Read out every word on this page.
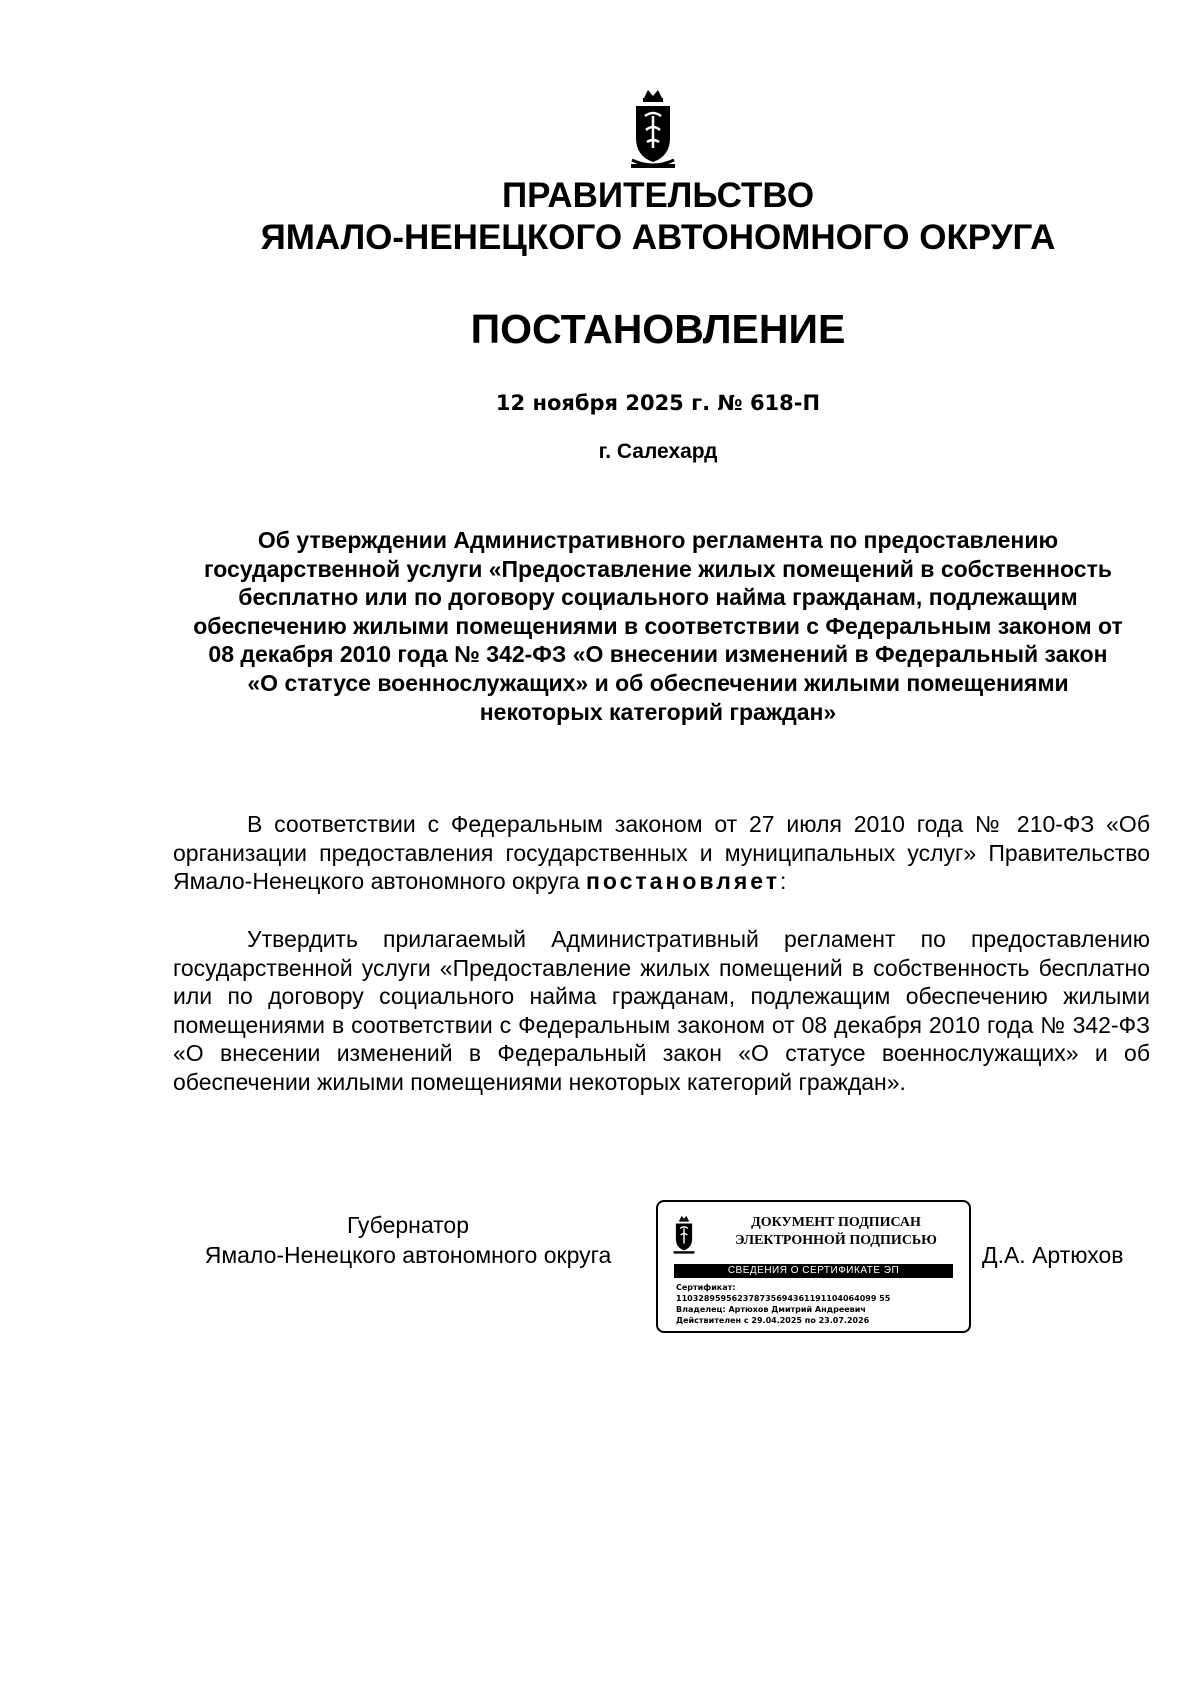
ПРАВИТЕЛЬСТВО
ЯМАЛО-НЕНЕЦКОГО АВТОНОМНОГО ОКРУГА
ПОСТАНОВЛЕНИЕ
12 ноября 2025 г. № 618-П
г. Салехард

Об утверждении Административного регламента по предоставлению государственной услуги «Предоставление жилых помещений в собственность бесплатно или по договору социального найма гражданам, подлежащим обеспечению жилыми помещениями в соответствии с Федеральным законом от 08 декабря 2010 года № 342-ФЗ «О внесении изменений в Федеральный закон «О статусе военнослужащих» и об обеспечении жилыми помещениями некоторых категорий граждан»

В соответствии с Федеральным законом от 27 июля 2010 года № 210-ФЗ «Об организации предоставления государственных и муниципальных услуг» Правительство Ямало-Ненецкого автономного округа постановляет:

Утвердить прилагаемый Административный регламент по предоставлению государственной услуги «Предоставление жилых помещений в собственность бесплатно или по договору социального найма гражданам, подлежащим обеспечению жилыми помещениями в соответствии с Федеральным законом от 08 декабря 2010 года № 342-ФЗ «О внесении изменений в Федеральный закон «О статусе военнослужащих» и об обеспечении жилыми помещениями некоторых категорий граждан».

Губернатор
Ямало-Ненецкого автономного округа
ДОКУМЕНТ ПОДПИСАН
ЭЛЕКТРОННОЙ ПОДПИСЬЮ
СВЕДЕНИЯ О СЕРТИФИКАТЕ ЭП
Сертификат:
110328959562378735694361191104064099 55
Владелец: Артюхов Дмитрий Андреевич
Действителен с 29.04.2025 по 23.07.2026
Д.А. Артюхов
